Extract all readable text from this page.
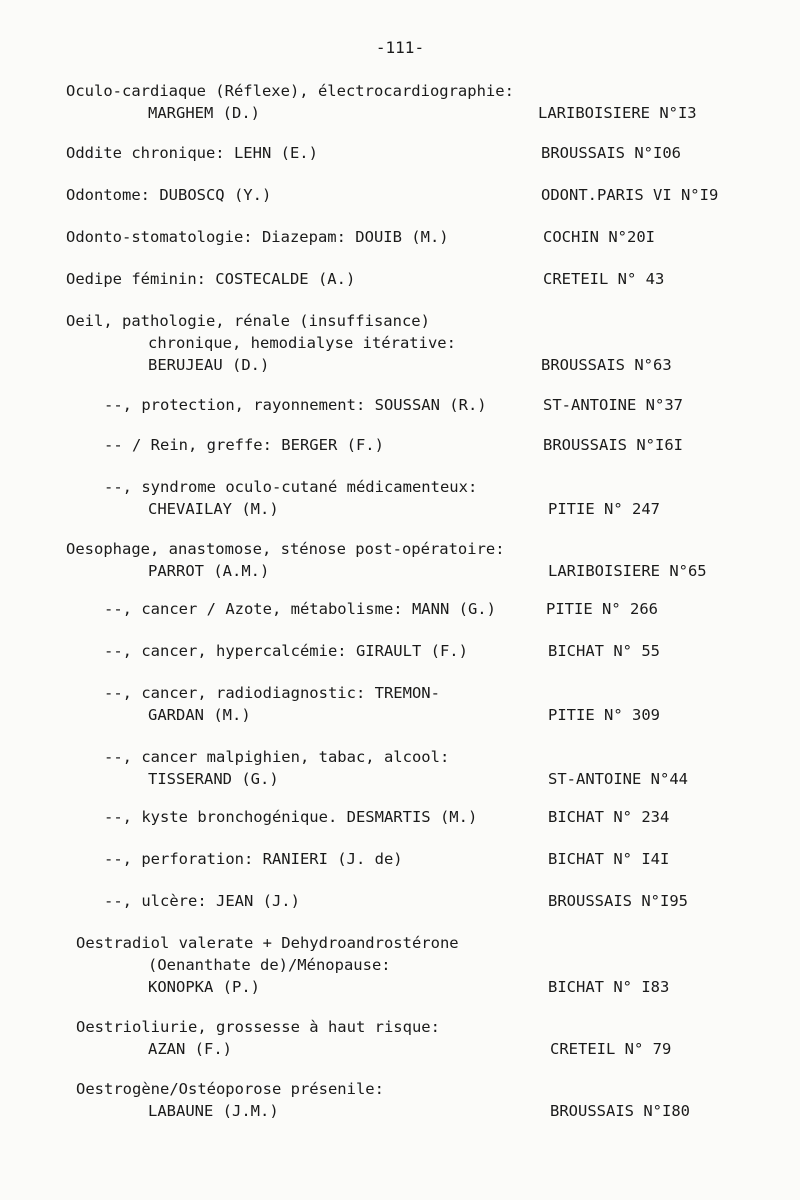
-111-
Oculo-cardiaque (Réflexe), électrocardiographie:
MARGHEM (D.)	LARIBOISIERE N°I3
Oddite chronique: LEHN (E.)	BROUSSAIS N°I06
Odontome: DUBOSCQ (Y.)	ODONT.PARIS VI N°I9
Odonto-stomatologie: Diazepam: DOUIB (M.)	COCHIN N°20I
Oedipe féminin: COSTECALDE (A.)	CRETEIL N° 43
Oeil, pathologie, rénale (insuffisance)
chronique, hemodialyse itérative:
BERUJEAU (D.)	BROUSSAIS N°63
--, protection, rayonnement: SOUSSAN (R.)	ST-ANTOINE N°37
-- / Rein, greffe: BERGER (F.)	BROUSSAIS N°I6I
--, syndrome oculo-cutané médicamenteux:
CHEVAILAY (M.)	PITIE N° 247
Oesophage, anastomose, sténose post-opératoire:
PARROT (A.M.)	LARIBOISIERE N°65
--, cancer / Azote, métabolisme: MANN (G.)	PITIE N° 266
--, cancer, hypercalcémie: GIRAULT (F.)	BICHAT N° 55
--, cancer, radiodiagnostic: TREMON-
GARDAN (M.)	PITIE N° 309
--, cancer malpighien, tabac, alcool:
TISSERAND (G.)	ST-ANTOINE N°44
--, kyste bronchogénique. DESMARTIS (M.)	BICHAT N° 234
--, perforation: RANIERI (J. de)	BICHAT N° I4I
--, ulcère: JEAN (J.)	BROUSSAIS N°I95
Oestradiol valerate + Dehydroandrostérone
(Oenanthate de)/Ménopause:
KONOPKA (P.)	BICHAT N° I83
Oestrioliurie, grossesse à haut risque:
AZAN (F.)	CRETEIL N° 79
Oestrogène/Ostéoporose présenile:
LABAUNE (J.M.)	BROUSSAIS N°I80
